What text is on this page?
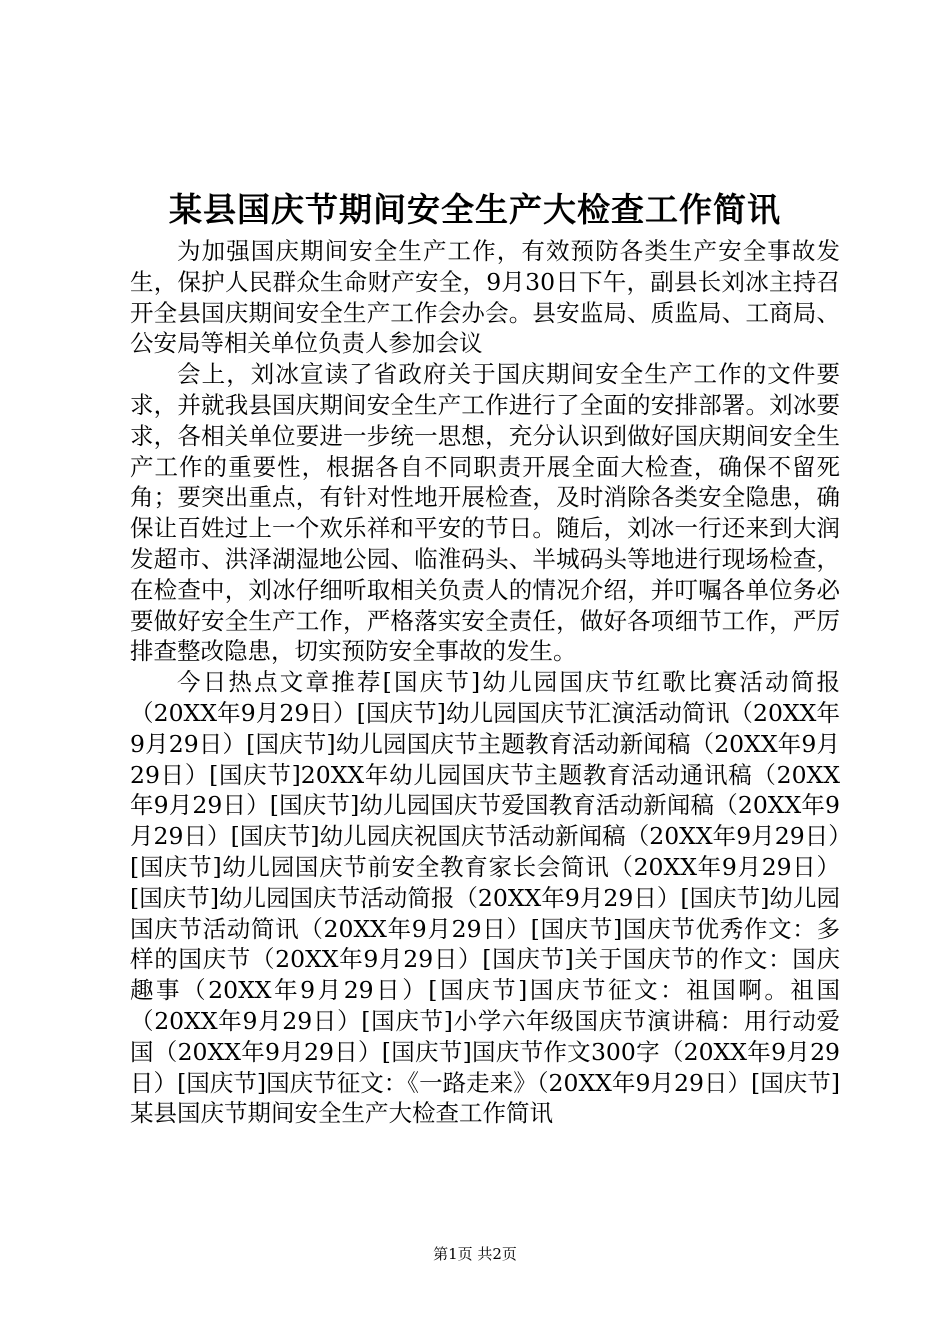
某县国庆节期间安全生产大检查工作简讯

为加强国庆期间安全生产工作，有效预防各类生产安全事故发生，保护人民群众生命财产安全，9月30日下午，副县长刘冰主持召开全县国庆期间安全生产工作会办会。县安监局、质监局、工商局、公安局等相关单位负责人参加会议

会上，刘冰宣读了省政府关于国庆期间安全生产工作的文件要求，并就我县国庆期间安全生产工作进行了全面的安排部署。刘冰要求，各相关单位要进一步统一思想，充分认识到做好国庆期间安全生产工作的重要性，根据各自不同职责开展全面大检查，确保不留死角；要突出重点，有针对性地开展检查，及时消除各类安全隐患，确保让百姓过上一个欢乐祥和平安的节日。随后，刘冰一行还来到大润发超市、洪泽湖湿地公园、临淮码头、半城码头等地进行现场检查，在检查中，刘冰仔细听取相关负责人的情况介绍，并叮嘱各单位务必要做好安全生产工作，严格落实安全责任，做好各项细节工作，严厉排查整改隐患，切实预防安全事故的发生。

今日热点文章推荐[国庆节]幼儿园国庆节红歌比赛活动简报（20XX年9月29日）[国庆节]幼儿园国庆节汇演活动简讯（20XX年9月29日）[国庆节]幼儿园国庆节主题教育活动新闻稿（20XX年9月29日）[国庆节]20XX年幼儿园国庆节主题教育活动通讯稿（20XX年9月29日）[国庆节]幼儿园国庆节爱国教育活动新闻稿（20XX年9月29日）[国庆节]幼儿园庆祝国庆节活动新闻稿（20XX年9月29日）[国庆节]幼儿园国庆节前安全教育家长会简讯（20XX年9月29日）[国庆节]幼儿园国庆节活动简报（20XX年9月29日）[国庆节]幼儿园国庆节活动简讯（20XX年9月29日）[国庆节]国庆节优秀作文：多样的国庆节（20XX年9月29日）[国庆节]关于国庆节的作文：国庆趣事（20XX年9月29日）[国庆节]国庆节征文：祖国啊。祖国（20XX年9月29日）[国庆节]小学六年级国庆节演讲稿：用行动爱国（20XX年9月29日）[国庆节]国庆节作文300字（20XX年9月29日）[国庆节]国庆节征文：《一路走来》（20XX年9月29日）[国庆节]某县国庆节期间安全生产大检查工作简讯

第1页 共2页
